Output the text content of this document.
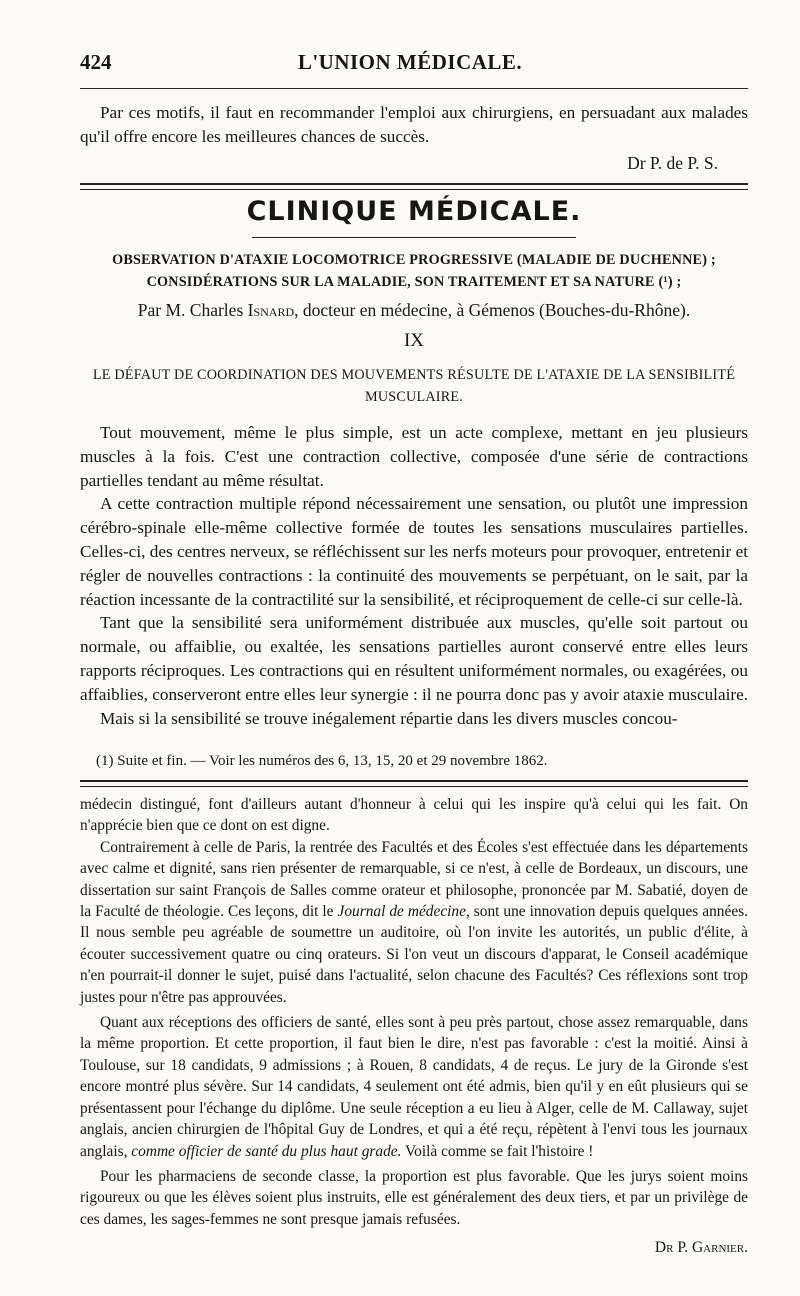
424	L'UNION MÉDICALE.

Par ces motifs, il faut en recommander l'emploi aux chirurgiens, en persuadant aux malades qu'il offre encore les meilleures chances de succès.

Dr P. de P. S.

CLINIQUE MÉDICALE.

OBSERVATION D'ATAXIE LOCOMOTRICE PROGRESSIVE (MALADIE DE DUCHENNE) ; CONSIDÉRATIONS SUR LA MALADIE, SON TRAITEMENT ET SA NATURE (¹) ;

Par M. Charles Isnard, docteur en médecine, à Gémenos (Bouches-du-Rhône).

IX

LE DÉFAUT DE COORDINATION DES MOUVEMENTS RÉSULTE DE L'ATAXIE DE LA SENSIBILITÉ MUSCULAIRE.

Tout mouvement, même le plus simple, est un acte complexe, mettant en jeu plusieurs muscles à la fois. C'est une contraction collective, composée d'une série de contractions partielles tendant au même résultat.

A cette contraction multiple répond nécessairement une sensation, ou plutôt une impression cérébro-spinale elle-même collective formée de toutes les sensations musculaires partielles. Celles-ci, des centres nerveux, se réfléchissent sur les nerfs moteurs pour provoquer, entretenir et régler de nouvelles contractions : la continuité des mouvements se perpétuant, on le sait, par la réaction incessante de la contractilité sur la sensibilité, et réciproquement de celle-ci sur celle-là.

Tant que la sensibilité sera uniformément distribuée aux muscles, qu'elle soit partout ou normale, ou affaiblie, ou exaltée, les sensations partielles auront conservé entre elles leurs rapports réciproques. Les contractions qui en résultent uniformément normales, ou exagérées, ou affaiblies, conserveront entre elles leur synergie : il ne pourra donc pas y avoir ataxie musculaire.

Mais si la sensibilité se trouve inégalement répartie dans les divers muscles concou-

(1) Suite et fin. — Voir les numéros des 6, 13, 15, 20 et 29 novembre 1862.

médecin distingué, font d'ailleurs autant d'honneur à celui qui les inspire qu'à celui qui les fait. On n'apprécie bien que ce dont on est digne.

Contrairement à celle de Paris, la rentrée des Facultés et des Écoles s'est effectuée dans les départements avec calme et dignité, sans rien présenter de remarquable, si ce n'est, à celle de Bordeaux, un discours, une dissertation sur saint François de Salles comme orateur et philosophe, prononcée par M. Sabatié, doyen de la Faculté de théologie. Ces leçons, dit le Journal de médecine, sont une innovation depuis quelques années. Il nous semble peu agréable de soumettre un auditoire, où l'on invite les autorités, un public d'élite, à écouter successivement quatre ou cinq orateurs. Si l'on veut un discours d'apparat, le Conseil académique n'en pourrait-il donner le sujet, puisé dans l'actualité, selon chacune des Facultés? Ces réflexions sont trop justes pour n'être pas approuvées.

Quant aux réceptions des officiers de santé, elles sont à peu près partout, chose assez remarquable, dans la même proportion. Et cette proportion, il faut bien le dire, n'est pas favorable : c'est la moitié. Ainsi à Toulouse, sur 18 candidats, 9 admissions ; à Rouen, 8 candidats, 4 de reçus. Le jury de la Gironde s'est encore montré plus sévère. Sur 14 candidats, 4 seulement ont été admis, bien qu'il y en eût plusieurs qui se présentassent pour l'échange du diplôme. Une seule réception a eu lieu à Alger, celle de M. Callaway, sujet anglais, ancien chirurgien de l'hôpital Guy de Londres, et qui a été reçu, répètent à l'envi tous les journaux anglais, comme officier de santé du plus haut grade. Voilà comme se fait l'histoire !

Pour les pharmaciens de seconde classe, la proportion est plus favorable. Que les jurys soient moins rigoureux ou que les élèves soient plus instruits, elle est généralement des deux tiers, et par un privilège de ces dames, les sages-femmes ne sont presque jamais refusées.

Dr P. Garnier.
